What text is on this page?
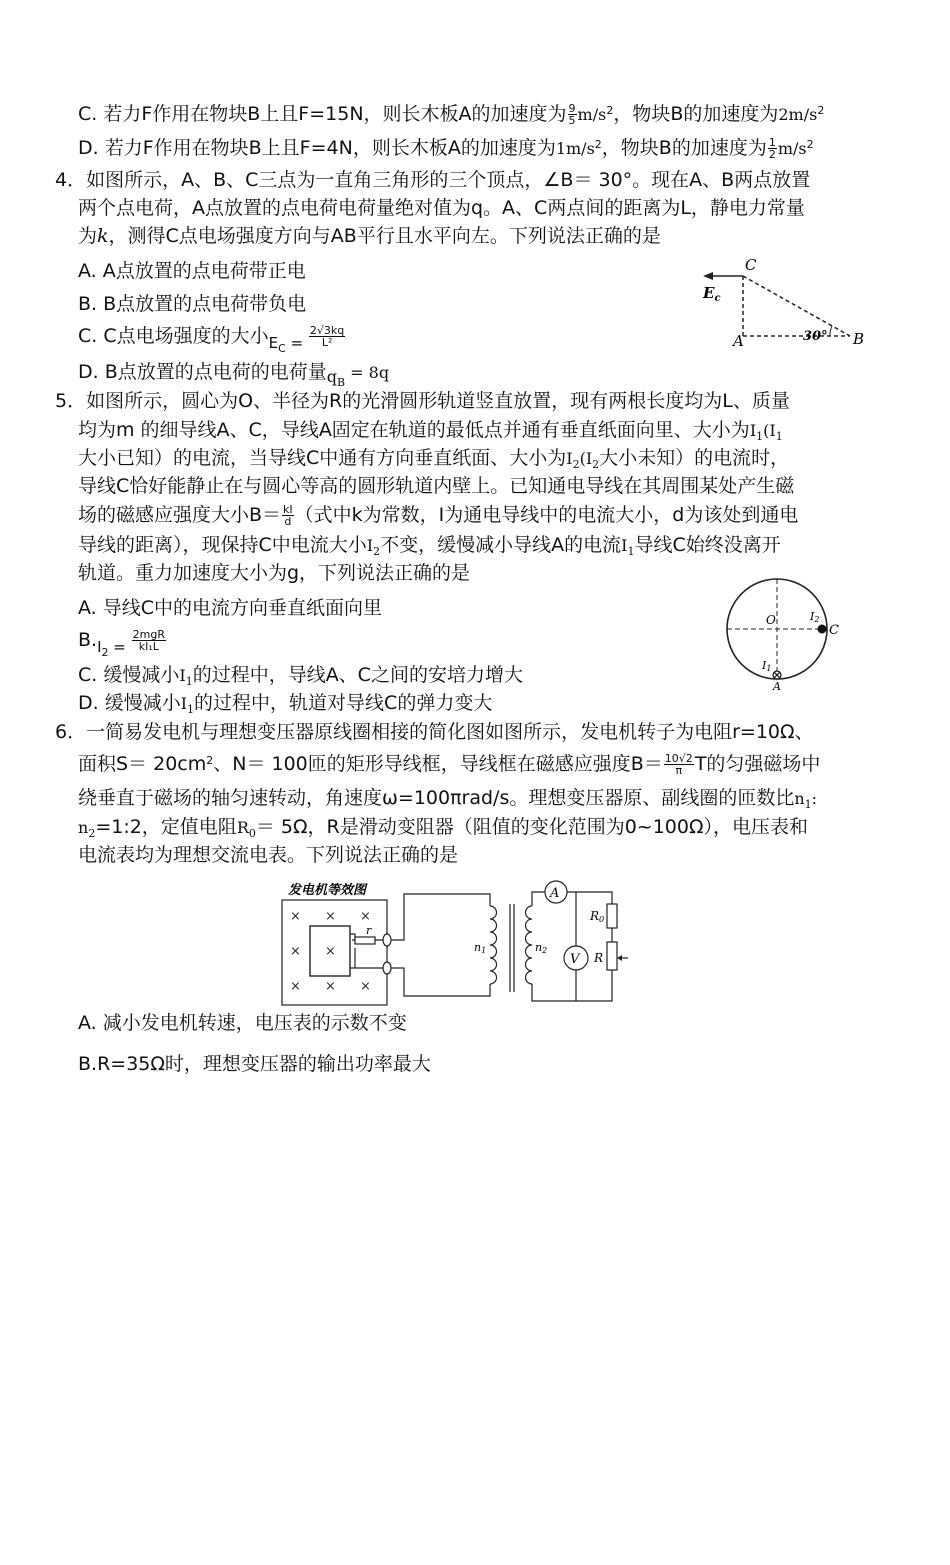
C. 若力F作用在物块B上且F=15N，则长木板A的加速度为 $\frac{9}{5} m/s^2$，物块B的加速度为$2m/s^2$
D. 若力F作用在物块B上且F=4N，则长木板A的加速度为$1m/s^2$，物块B的加速度为 $\frac{1}{2} m/s^2$
4．如图所示，A、B、C三点为一直角三角形的三个顶点，∠B＝ 30°。现在A、B两点放置
两个点电荷，A点放置的点电荷电荷量绝对值为q。A、C两点间的距离为L，静电力常量
为k，测得C点电场强度方向与AB平行且水平向左。下列说法正确的是
A. A点放置的点电荷带正电
B. B点放置的点电荷带负电
C. C点电场强度的大小$_{E_C =} \frac{2√3kq}{\text{L²}}$
D. B点放置的点电荷的电荷量$_{q_B}$ = 8q
C
A	B
$E_c$
30°
5．如图所示，圆心为O、半径为R的光滑圆形轨道竖直放置，现有两根长度均为L、质量
均为m 的细导线A、C，导线A固定在轨道的最低点并通有垂直纸面向里、大小为$I_1(I_1$
大小已知）的电流，当导线C中通有方向垂直纸面、大小为$I_2(I_2$大小未知）的电流时，
导线C恰好能静止在与圆心等高的圆形轨道内壁上。已知通电导线在其周围某处产生磁
场的磁感应强度大小$B= \frac{kI}{d}$ （式中k为常数，I为通电导线中的电流大小，d为该处到通电
导线的距离），现保持C中电流大小$I_2$不变，缓慢减小导线A的电流$I_1$导线C始终没离开
轨道。重力加速度大小为g，下列说法正确的是
A. 导线C中的电流方向垂直纸面向里
$B._{I_2 =} \frac{\text{2mgR}}{\text{kI₁L}}$
C. 缓慢减小$I_1$的过程中，导线A、C之间的安培力增大
D. 缓慢减小$I_1$的过程中，轨道对导线C的弹力变大
O
C
A
I2
I1
6．一简易发电机与理想变压器原线圈相接的简化图如图所示，发电机转子为电阻r=10Ω、
面积$S= 20cm^2$、N＝ 100匝的矩形导线框，导线框在磁感应强度$B= \frac{10√2}{\pi}$ T的匀强磁场中
绕垂直于磁场的轴匀速转动，角速度ω=100πrad/s。理想变压器原、副线圈的匝数比$n_1$:
$n_2=1:2$，定值电阻$R_0= 5\Omega$，R是滑动变阻器（阻值的变化范围为0~100Ω），电压表和
电流表均为理想交流电表。下列说法正确的是
发电机等效图
× × ×
× ×
× × ×
r
n1	n2
A
V
R0
R
A. 减小发电机转速，电压表的示数不变
B.R=35Ω时，理想变压器的输出功率最大
